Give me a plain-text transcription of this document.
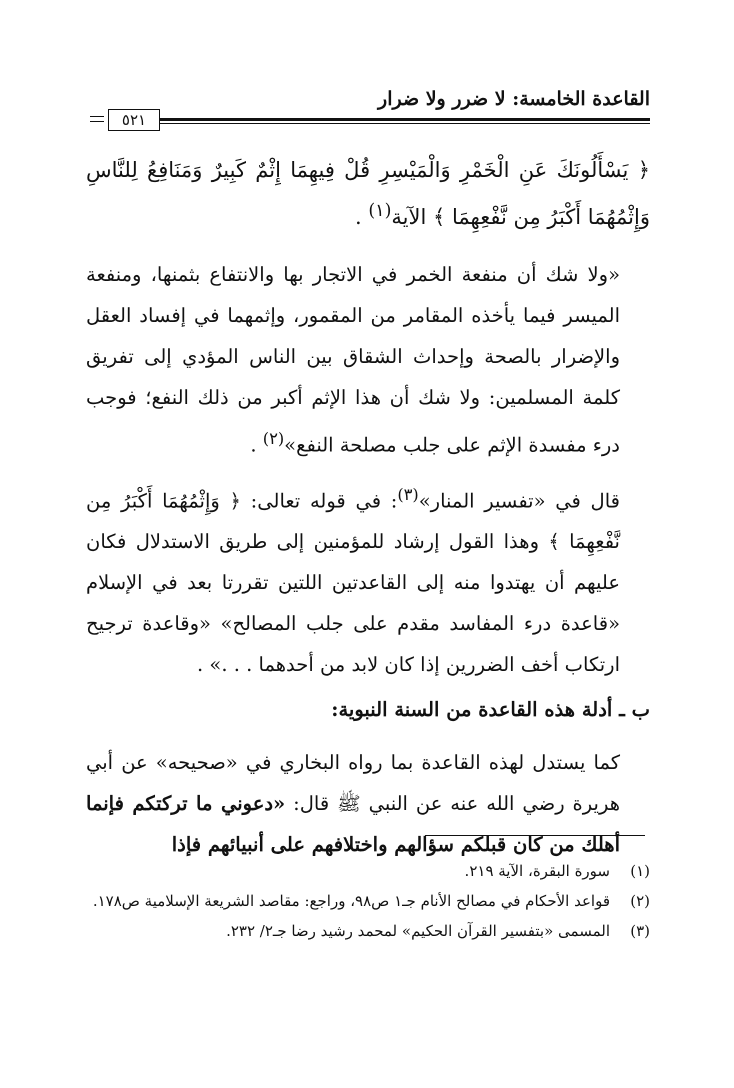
القاعدة الخامسة: لا ضرر ولا ضرار
٥٢١

﴿ يَسْأَلُونَكَ عَنِ الْخَمْرِ وَالْمَيْسِرِ قُلْ فِيهِمَا إِثْمٌ كَبِيرٌ وَمَنَافِعُ لِلنَّاسِ وَإِثْمُهُمَا أَكْبَرُ مِن نَّفْعِهِمَا ﴾ الآية$^{(١)}$ .

«ولا شك أن منفعة الخمر في الاتجار بها والانتفاع بثمنها، ومنفعة الميسر فيما يأخذه المقامر من المقمور، وإثمهما في إفساد العقل والإضرار بالصحة وإحداث الشقاق بين الناس المؤدي إلى تفريق كلمة المسلمين: ولا شك أن هذا الإثم أكبر من ذلك النفع؛ فوجب درء مفسدة الإثم على جلب مصلحة النفع»$^{(٢)}$ .

قال في «تفسير المنار»$^{(٣)}$: في قوله تعالى: ﴿ وَإِثْمُهُمَا أَكْبَرُ مِن نَّفْعِهِمَا ﴾ وهذا القول إرشاد للمؤمنين إلى طريق الاستدلال فكان عليهم أن يهتدوا منه إلى القاعدتين اللتين تقررتا بعد في الإسلام «قاعدة درء المفاسد مقدم على جلب المصالح» «وقاعدة ترجيح ارتكاب أخف الضررين إذا كان لابد من أحدهما . . .» .

ب ـ أدلة هذه القاعدة من السنة النبوية:

كما يستدل لهذه القاعدة بما رواه البخاري في «صحيحه» عن أبي هريرة رضي الله عنه عن النبي ﷺ قال: «دعوني ما تركتكم فإنما أهلك من كان قبلكم سؤالهم واختلافهم على أنبيائهم فإذا

(١)
سورة البقرة، الآية ٢١٩.
(٢)
قواعد الأحكام في مصالح الأنام جـ١ ص٩٨، وراجع: مقاصد الشريعة الإسلامية ص١٧٨.
(٣)
المسمى «بتفسير القرآن الحكيم» لمحمد رشيد رضا جـ٢/ ٢٣٢.
